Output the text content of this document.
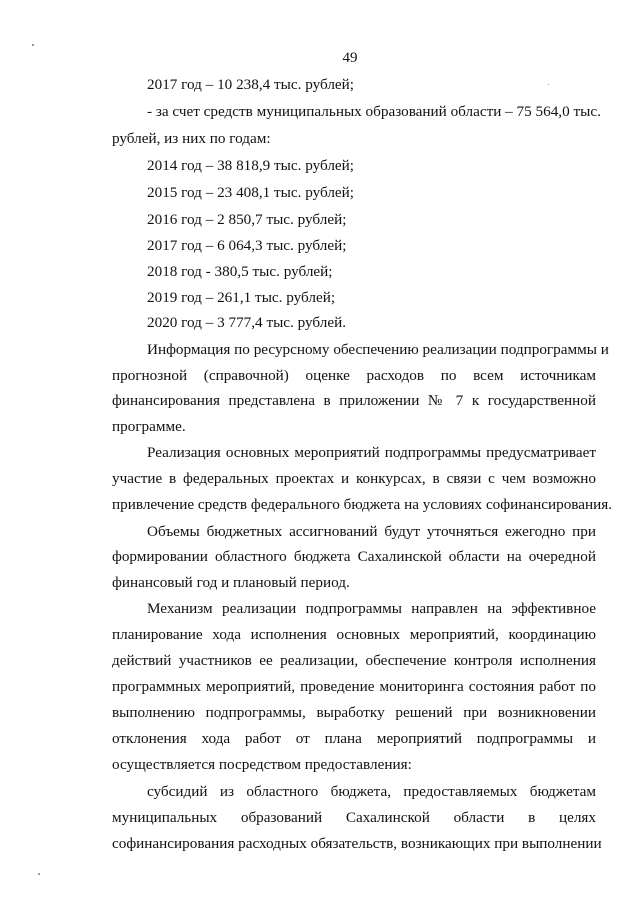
49
2017 год – 10 238,4 тыс. рублей;
- за счет средств муниципальных образований области – 75 564,0 тыс.
рублей, из них по годам:
2014 год – 38 818,9 тыс. рублей;
2015 год – 23 408,1 тыс. рублей;
2016 год – 2 850,7 тыс. рублей;
2017 год – 6 064,3 тыс. рублей;
2018 год - 380,5 тыс. рублей;
2019 год – 261,1 тыс. рублей;
2020 год – 3 777,4 тыс. рублей.
Информация по ресурсному обеспечению реализации подпрограммы и
прогнозной (справочной) оценке расходов по всем источникам
финансирования представлена в приложении № 7 к государственной
программе.
Реализация основных мероприятий подпрограммы предусматривает
участие в федеральных проектах и конкурсах, в связи с чем возможно
привлечение средств федерального бюджета на условиях софинансирования.
Объемы бюджетных ассигнований будут уточняться ежегодно при
формировании областного бюджета Сахалинской области на очередной
финансовый год и плановый период.
Механизм реализации подпрограммы направлен на эффективное
планирование хода исполнения основных мероприятий, координацию
действий участников ее реализации, обеспечение контроля исполнения
программных мероприятий, проведение мониторинга состояния работ по
выполнению подпрограммы, выработку решений при возникновении
отклонения хода работ от плана мероприятий подпрограммы и
осуществляется посредством предоставления:
субсидий из областного бюджета, предоставляемых бюджетам
муниципальных образований Сахалинской области в целях
софинансирования расходных обязательств, возникающих при выполнении
